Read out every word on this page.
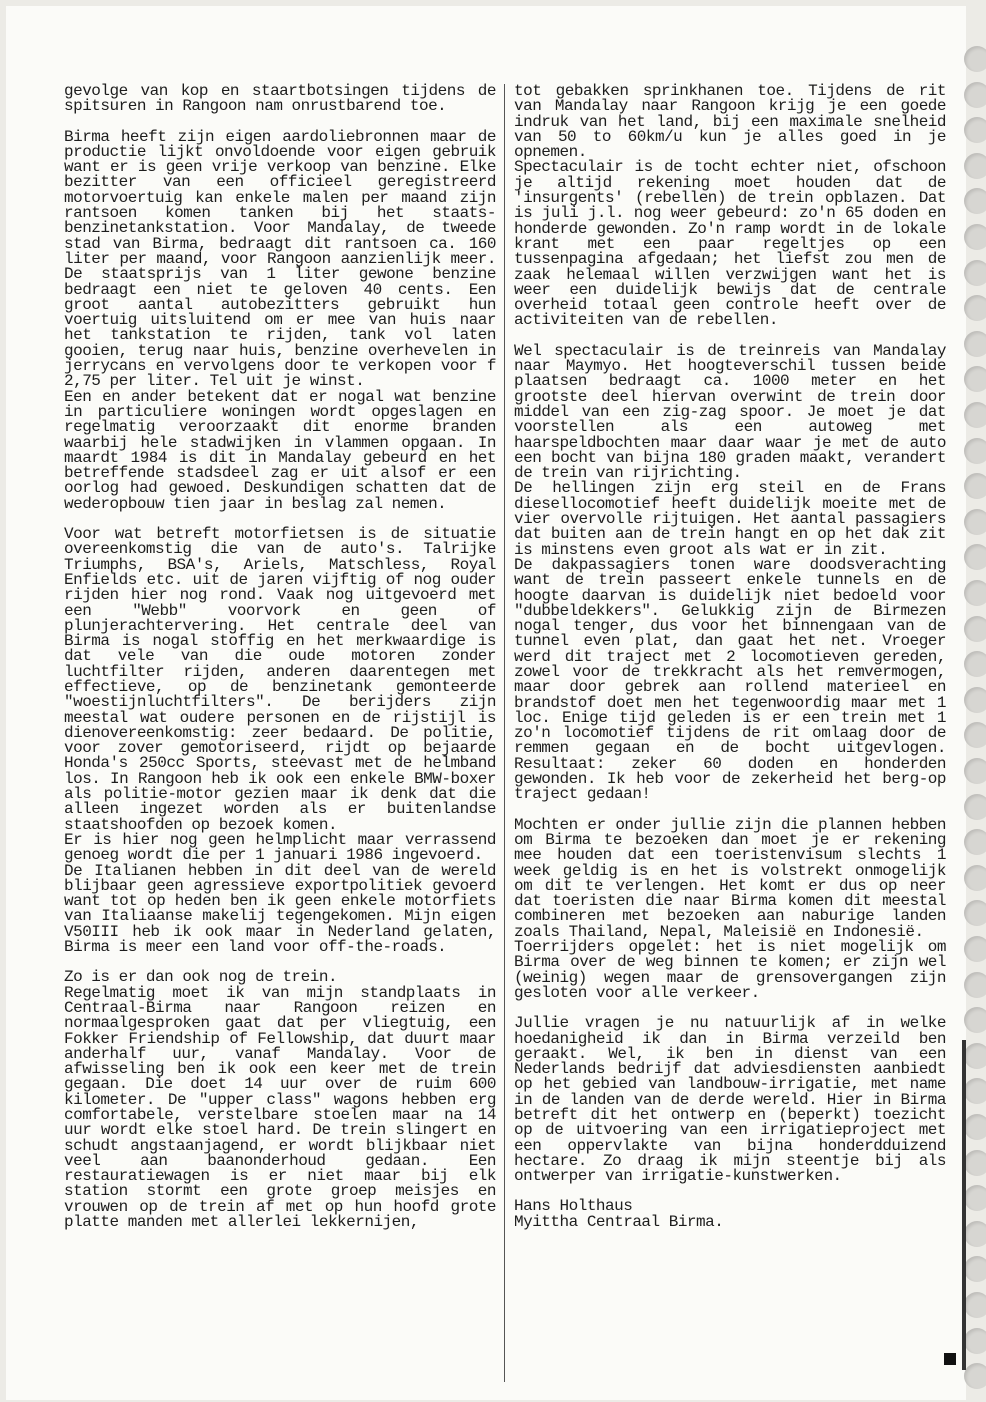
gevolge van kop en staartbotsingen tijdens de spitsuren in Rangoon nam onrustbarend toe.

Birma heeft zijn eigen aardoliebronnen maar de productie lijkt onvoldoende voor eigen gebruik want er is geen vrije verkoop van benzine. Elke bezitter van een officieel geregistreerd motorvoertuig kan enkele malen per maand zijn rantsoen komen tanken bij het staats-benzinetankstation. Voor Mandalay, de tweede stad van Birma, bedraagt dit rantsoen ca. 160 liter per maand, voor Rangoon aanzienlijk meer. De staatsprijs van 1 liter gewone benzine bedraagt een niet te geloven 40 cents. Een groot aantal autobezitters gebruikt hun voertuig uitsluitend om er mee van huis naar het tankstation te rijden, tank vol laten gooien, terug naar huis, benzine overhevelen in jerrycans en vervolgens door te verkopen voor f 2,75 per liter. Tel uit je winst.

Een en ander betekent dat er nogal wat benzine in particuliere woningen wordt opgeslagen en regelmatig veroorzaakt dit enorme branden waarbij hele stadwijken in vlammen opgaan. In maardt 1984 is dit in Mandalay gebeurd en het betreffende stadsdeel zag er uit alsof er een oorlog had gewoed. Deskundigen schatten dat de wederopbouw tien jaar in beslag zal nemen.

Voor wat betreft motorfietsen is de situatie overeenkomstig die van de auto's. Talrijke Triumphs, BSA's, Ariels, Matschless, Royal Enfields etc. uit de jaren vijftig of nog ouder rijden hier nog rond. Vaak nog uitgevoerd met een "Webb" voorvork en geen of plunjerachtervering. Het centrale deel van Birma is nogal stoffig en het merkwaardige is dat vele van die oude motoren zonder luchtfilter rijden, anderen daarentegen met effectieve, op de benzinetank gemonteerde "woestijnluchtfilters". De berijders zijn meestal wat oudere personen en de rijstijl is dienovereenkomstig: zeer bedaard. De politie, voor zover gemotoriseerd, rijdt op bejaarde Honda's 250cc Sports, steevast met de helmband los. In Rangoon heb ik ook een enkele BMW-boxer als politie-motor gezien maar ik denk dat die alleen ingezet worden als er buitenlandse staatshoofden op bezoek komen.

Er is hier nog geen helmplicht maar verrassend genoeg wordt die per 1 januari 1986 ingevoerd.

De Italianen hebben in dit deel van de wereld blijbaar geen agressieve exportpolitiek gevoerd want tot op heden ben ik geen enkele motorfiets van Italiaanse makelij tegengekomen. Mijn eigen V50III heb ik ook maar in Nederland gelaten, Birma is meer een land voor off-the-roads.

Zo is er dan ook nog de trein.

Regelmatig moet ik van mijn standplaats in Centraal-Birma naar Rangoon reizen en normaalgesproken gaat dat per vliegtuig, een Fokker Friendship of Fellowship, dat duurt maar anderhalf uur, vanaf Mandalay. Voor de afwisseling ben ik ook een keer met de trein gegaan. Die doet 14 uur over de ruim 600 kilometer. De "upper class" wagons hebben erg comfortabele, verstelbare stoelen maar na 14 uur wordt elke stoel hard. De trein slingert en schudt angstaanjagend, er wordt blijkbaar niet veel aan baanonderhoud gedaan. Een restauratiewagen is er niet maar bij elk station stormt een grote groep meisjes en vrouwen op de trein af met op hun hoofd grote platte manden met allerlei lekkernijen,

tot gebakken sprinkhanen toe. Tijdens de rit van Mandalay naar Rangoon krijg je een goede indruk van het land, bij een maximale snelheid van 50 to 60km/u kun je alles goed in je opnemen.

Spectaculair is de tocht echter niet, ofschoon je altijd rekening moet houden dat de 'insurgents' (rebellen) de trein opblazen. Dat is juli j.l. nog weer gebeurd: zo'n 65 doden en honderde gewonden. Zo'n ramp wordt in de lokale krant met een paar regeltjes op een tussenpagina afgedaan; het liefst zou men de zaak helemaal willen verzwijgen want het is weer een duidelijk bewijs dat de centrale overheid totaal geen controle heeft over de activiteiten van de rebellen.

Wel spectaculair is de treinreis van Mandalay naar Maymyo. Het hoogteverschil tussen beide plaatsen bedraagt ca. 1000 meter en het grootste deel hiervan overwint de trein door middel van een zig-zag spoor. Je moet je dat voorstellen als een autoweg met haarspeldbochten maar daar waar je met de auto een bocht van bijna 180 graden maakt, verandert de trein van rijrichting.

De hellingen zijn erg steil en de Frans diesellocomotief heeft duidelijk moeite met de vier overvolle rijtuigen. Het aantal passagiers dat buiten aan de trein hangt en op het dak zit is minstens even groot als wat er in zit.

De dakpassagiers tonen ware doodsverachting want de trein passeert enkele tunnels en de hoogte daarvan is duidelijk niet bedoeld voor "dubbeldekkers". Gelukkig zijn de Birmezen nogal tenger, dus voor het binnengaan van de tunnel even plat, dan gaat het net. Vroeger werd dit traject met 2 locomotieven gereden, zowel voor de trekkracht als het remvermogen, maar door gebrek aan rollend materieel en brandstof doet men het tegenwoordig maar met 1 loc. Enige tijd geleden is er een trein met 1 zo'n locomotief tijdens de rit omlaag door de remmen gegaan en de bocht uitgevlogen. Resultaat: zeker 60 doden en honderden gewonden. Ik heb voor de zekerheid het berg-op traject gedaan!

Mochten er onder jullie zijn die plannen hebben om Birma te bezoeken dan moet je er rekening mee houden dat een toeristenvisum slechts 1 week geldig is en het is volstrekt onmogelijk om dit te verlengen. Het komt er dus op neer dat toeristen die naar Birma komen dit meestal combineren met bezoeken aan naburige landen zoals Thailand, Nepal, Maleisië en Indonesië.

Toerrijders opgelet: het is niet mogelijk om Birma over de weg binnen te komen; er zijn wel (weinig) wegen maar de grensovergangen zijn gesloten voor alle verkeer.

Jullie vragen je nu natuurlijk af in welke hoedanigheid ik dan in Birma verzeild ben geraakt. Wel, ik ben in dienst van een Nederlands bedrijf dat adviesdiensten aanbiedt op het gebied van landbouw-irrigatie, met name in de landen van de derde wereld. Hier in Birma betreft dit het ontwerp en (beperkt) toezicht op de uitvoering van een irrigatieproject met een oppervlakte van bijna honderdduizend hectare. Zo draag ik mijn steentje bij als ontwerper van irrigatie-kunstwerken.

Hans Holthaus

Myittha Centraal Birma.
